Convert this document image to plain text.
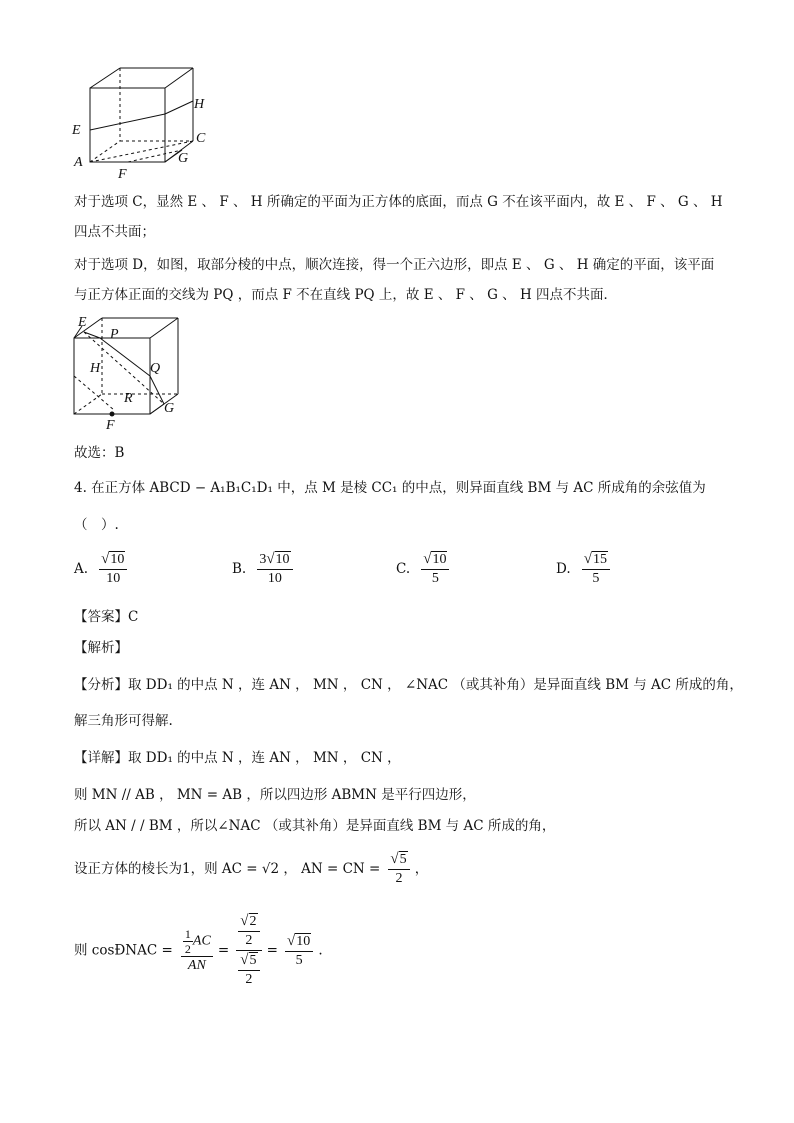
H
E
C
A	G
F
对于选项 C，显然 E 、 F 、 H 所确定的平面为正方体的底面，而点 G 不在该平面内，故 E 、 F 、 G 、 H
四点不共面；
对于选项 D，如图，取部分棱的中点，顺次连接，得一个正六边形，即点 E 、 G 、 H 确定的平面，该平面
与正方体正面的交线为 PQ ，而点 F 不在直线 PQ 上，故 E 、 F 、 G 、 H 四点不共面．
E
P
H	Q
R
G
F
故选：B
4. 在正方体 ABCD − A₁B₁C₁D₁ 中，点 M 是棱 CC₁ 的中点，则异面直线 BM 与 AC 所成角的余弦值为
（　）.
A. $\frac{√10}{10}$	B. $\frac{3√10}{10}$	C. $\frac{√10}{5}$	D. $\frac{√15}{5}$
【答案】C
【解析】
【分析】取 DD₁ 的中点 N ，连 AN ， MN ， CN ， ∠NAC （或其补角）是异面直线 BM 与 AC 所成的角，
解三角形可得解.
【详解】取 DD₁ 的中点 N ，连 AN ， MN ， CN ，
则 MN // AB ， MN = AB ，所以四边形 ABMN 是平行四边形，
所以 AN / / BM ，所以∠NAC （或其补角）是异面直线 BM 与 AC 所成的角，
设正方体的棱长为1，则 AC = √2 ， AN = CN = $\frac{√5}{2}$ ，
则 cosÐNAC = $\frac{\frac{1}{2} AC}{AN} = \frac{\frac{√2}{2}}{\frac{√5}{2}} = \frac{√10}{5}$ .
